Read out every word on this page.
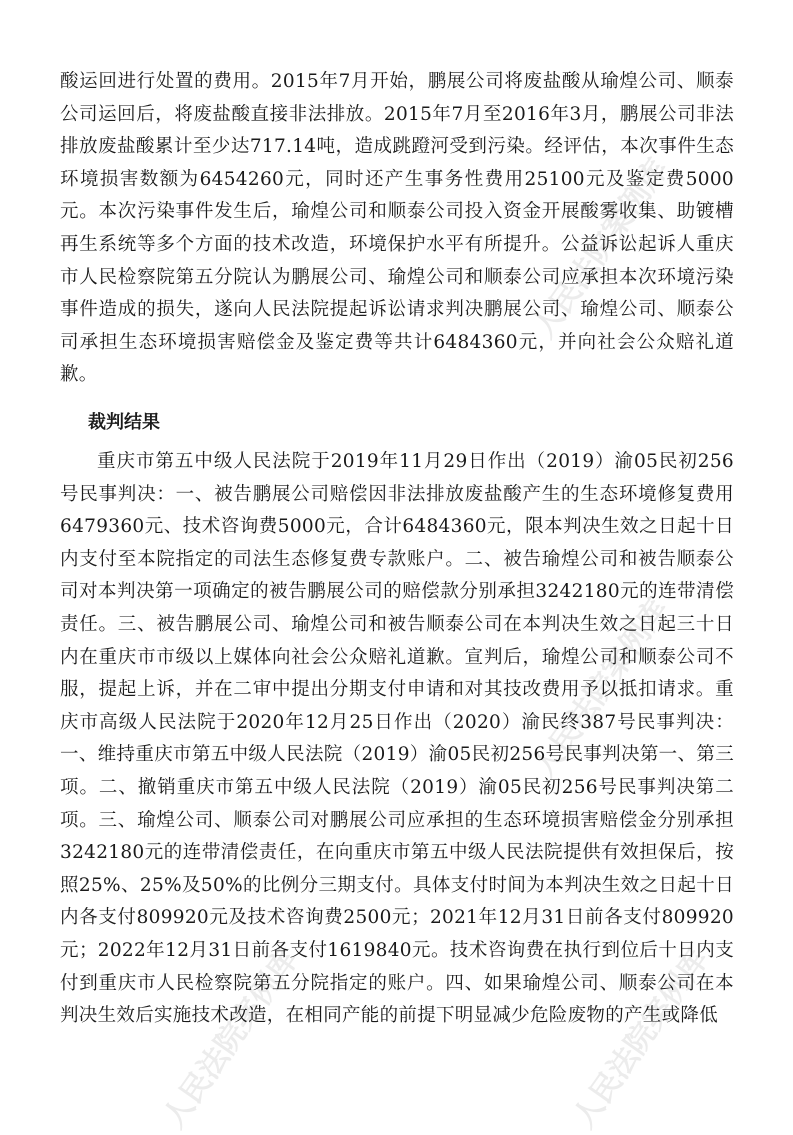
人民法院案例库
人民法院案例库
人民法院案例库	人民法院案例库

酸运回进行处置的费用。2015年7月开始，鹏展公司将废盐酸从瑜煌公司、顺泰公司运回后，将废盐酸直接非法排放。2015年7月至2016年3月，鹏展公司非法排放废盐酸累计至少达717.14吨，造成跳蹬河受到污染。经评估，本次事件生态环境损害数额为6454260元，同时还产生事务性费用25100元及鉴定费5000元。本次污染事件发生后，瑜煌公司和顺泰公司投入资金开展酸雾收集、助镀槽再生系统等多个方面的技术改造，环境保护水平有所提升。公益诉讼起诉人重庆市人民检察院第五分院认为鹏展公司、瑜煌公司和顺泰公司应承担本次环境污染事件造成的损失，遂向人民法院提起诉讼请求判决鹏展公司、瑜煌公司、顺泰公司承担生态环境损害赔偿金及鉴定费等共计6484360元，并向社会公众赔礼道歉。

裁判结果

重庆市第五中级人民法院于2019年11月29日作出（2019）渝05民初256号民事判决：一、被告鹏展公司赔偿因非法排放废盐酸产生的生态环境修复费用6479360元、技术咨询费5000元，合计6484360元，限本判决生效之日起十日内支付至本院指定的司法生态修复费专款账户。二、被告瑜煌公司和被告顺泰公司对本判决第一项确定的被告鹏展公司的赔偿款分别承担3242180元的连带清偿责任。三、被告鹏展公司、瑜煌公司和被告顺泰公司在本判决生效之日起三十日内在重庆市市级以上媒体向社会公众赔礼道歉。宣判后，瑜煌公司和顺泰公司不服，提起上诉，并在二审中提出分期支付申请和对其技改费用予以抵扣请求。重庆市高级人民法院于2020年12月25日作出（2020）渝民终387号民事判决：一、维持重庆市第五中级人民法院（2019）渝05民初256号民事判决第一、第三项。二、撤销重庆市第五中级人民法院（2019）渝05民初256号民事判决第二项。三、瑜煌公司、顺泰公司对鹏展公司应承担的生态环境损害赔偿金分别承担3242180元的连带清偿责任，在向重庆市第五中级人民法院提供有效担保后，按照25%、25%及50%的比例分三期支付。具体支付时间为本判决生效之日起十日内各支付809920元及技术咨询费2500元；2021年12月31日前各支付809920元；2022年12月31日前各支付1619840元。技术咨询费在执行到位后十日内支付到重庆市人民检察院第五分院指定的账户。四、如果瑜煌公司、顺泰公司在本判决生效后实施技术改造，在相同产能的前提下明显减少危险废物的产生或降低
